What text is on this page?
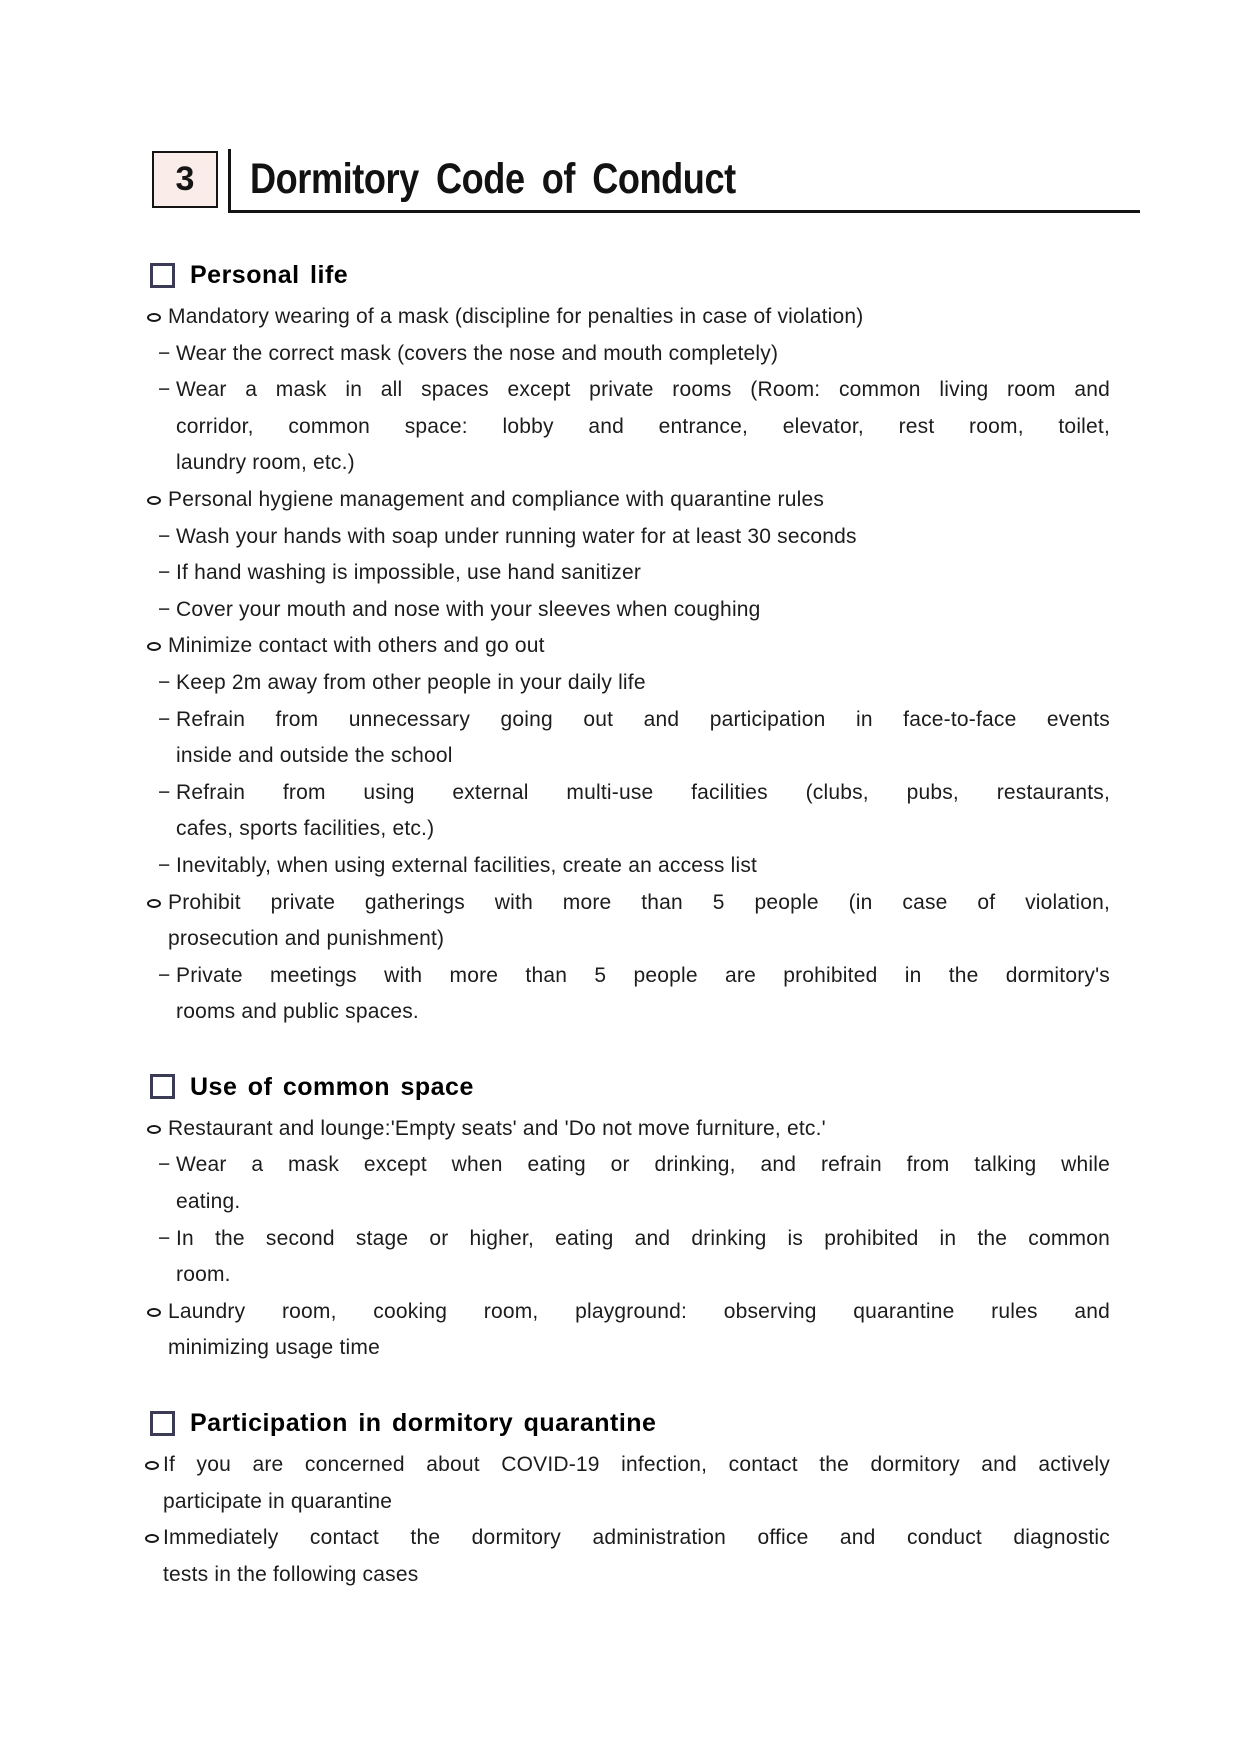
3 Dormitory Code of Conduct
Personal life
Mandatory wearing of a mask (discipline for penalties in case of violation)
− Wear the correct mask (covers the nose and mouth completely)
− Wear a mask in all spaces except private rooms (Room: common living room and
corridor, common space: lobby and entrance, elevator, rest room, toilet,
laundry room, etc.)
Personal hygiene management and compliance with quarantine rules
− Wash your hands with soap under running water for at least 30 seconds
− If hand washing is impossible, use hand sanitizer
− Cover your mouth and nose with your sleeves when coughing
Minimize contact with others and go out
− Keep 2m away from other people in your daily life
− Refrain from unnecessary going out and participation in face-to-face events
inside and outside the school
− Refrain from using external multi-use facilities (clubs, pubs, restaurants,
cafes, sports facilities, etc.)
− Inevitably, when using external facilities, create an access list
Prohibit private gatherings with more than 5 people (in case of violation,
prosecution and punishment)
− Private meetings with more than 5 people are prohibited in the dormitory's
rooms and public spaces.
Use of common space
Restaurant and lounge:'Empty seats' and 'Do not move furniture, etc.'
− Wear a mask except when eating or drinking, and refrain from talking while
eating.
− In the second stage or higher, eating and drinking is prohibited in the common
room.
Laundry room, cooking room, playground: observing quarantine rules and
minimizing usage time
Participation in dormitory quarantine
If you are concerned about COVID-19 infection, contact the dormitory and actively
participate in quarantine
Immediately contact the dormitory administration office and conduct diagnostic
tests in the following cases
